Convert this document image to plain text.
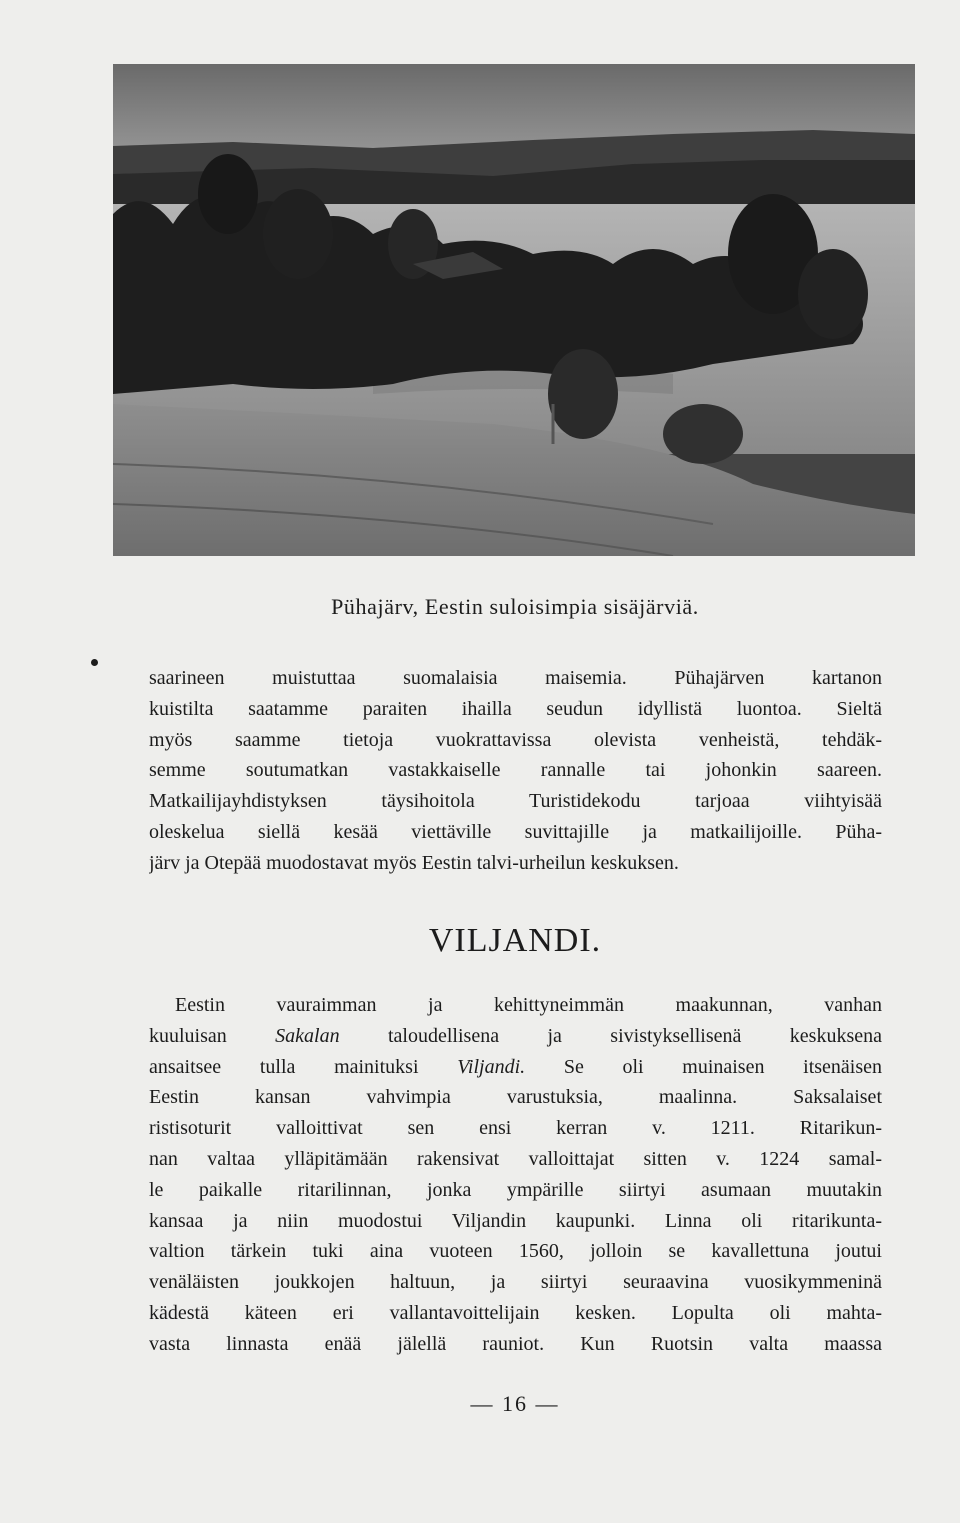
Pühajärv, Eestin suloisimpia sisäjärviä.
saarineen muistuttaa suomalaisia maisemia. Pühajärven kartanon
kuistilta saatamme paraiten ihailla seudun idyllistä luontoa. Sieltä
myös saamme tietoja vuokrattavissa olevista venheistä, tehdäk-
semme soutumatkan vastakkaiselle rannalle tai johonkin saareen.
Matkailijayhdistyksen täysihoitola Turistidekodu tarjoaa viihtyisää
oleskelua siellä kesää viettäville suvittajille ja matkailijoille. Püha-
järv ja Otepää muodostavat myös Eestin talvi-urheilun keskuksen.
VILJANDI.
Eestin vauraimman ja kehittyneimmän maakunnan, vanhan
kuuluisan Sakalan taloudellisena ja sivistyksellisenä keskuksena
ansaitsee tulla mainituksi Viljandi. Se oli muinaisen itsenäisen
Eestin kansan vahvimpia varustuksia, maalinna. Saksalaiset
ristisoturit valloittivat sen ensi kerran v. 1211. Ritarikun-
nan valtaa ylläpitämään rakensivat valloittajat sitten v. 1224 samal-
le paikalle ritarilinnan, jonka ympärille siirtyi asumaan muutakin
kansaa ja niin muodostui Viljandin kaupunki. Linna oli ritarikunta-
valtion tärkein tuki aina vuoteen 1560, jolloin se kavallettuna joutui
venäläisten joukkojen haltuun, ja siirtyi seuraavina vuosikymmeninä
kädestä käteen eri vallantavoittelijain kesken. Lopulta oli mahta-
vasta linnasta enää jälellä rauniot. Kun Ruotsin valta maassa
— 16 —
